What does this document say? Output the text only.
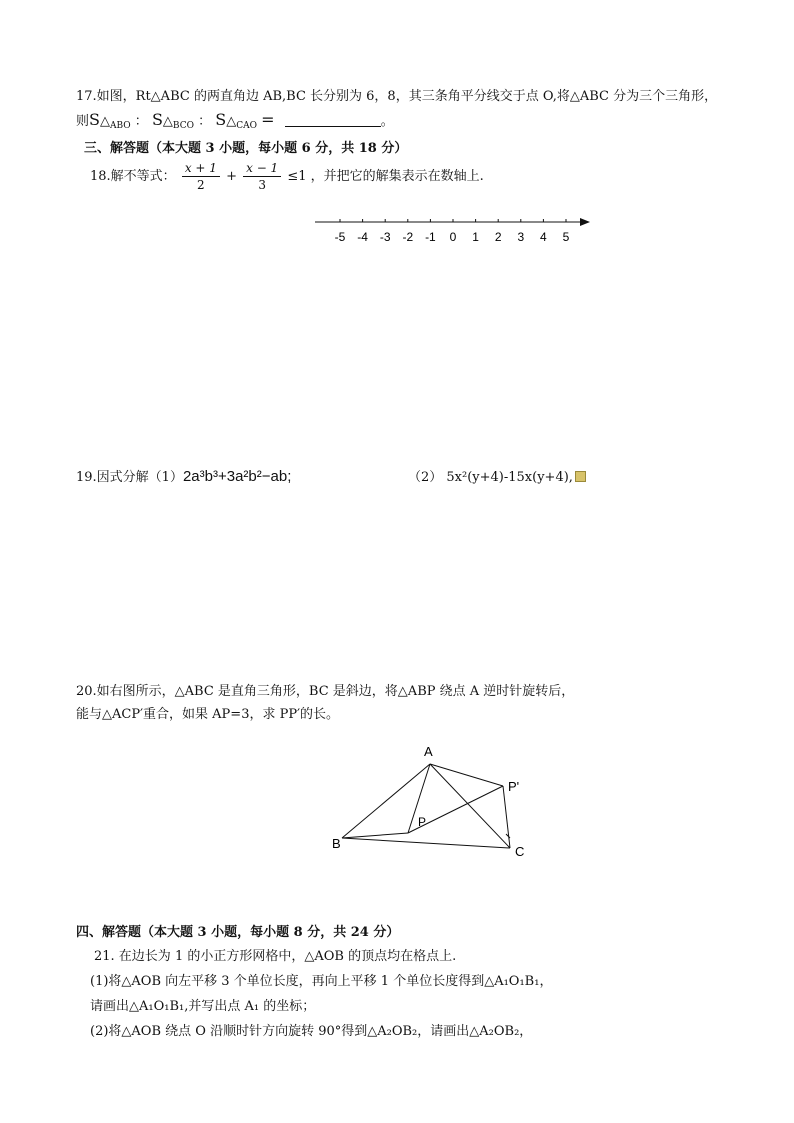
17.如图，Rt△ABC 的两直角边 AB,BC 长分别为 6，8，其三条角平分线交于点 O,将△ABC 分为三个三角形，
则$S\triangle_{ABO}$ ： $S\triangle_{BCO}$ ： $S\triangle_{CAO}$ =	。
三、解答题（本大题 3 小题，每小题 6 分，共 18 分）
18.解不等式： $\frac{x + 1}{2} + \frac{x - 1}{3} \le 1$ ，并把它的解集表示在数轴上.
-5 -4 -3 -2 -1 0 1 2 3 4 5
19.因式分解（1）2a³b³+3a²b²−ab;	（2） 5x²(y+4)-15x(y+4),
20.如右图所示，△ABC 是直角三角形，BC 是斜边，将△ABP 绕点 A 逆时针旋转后，
能与△ACP′重合，如果 AP=3，求 PP′的长。
A
B
C
P
P'
四、解答题（本大题 3 小题，每小题 8 分，共 24 分）
21. 在边长为 1 的小正方形网格中，△AOB 的顶点均在格点上.
(1)将△AOB 向左平移 3 个单位长度，再向上平移 1 个单位长度得到△A₁O₁B₁，
请画出△A₁O₁B₁,并写出点 A₁ 的坐标；
(2)将△AOB 绕点 O 沿顺时针方向旋转 90°得到△A₂OB₂，请画出△A₂OB₂，
